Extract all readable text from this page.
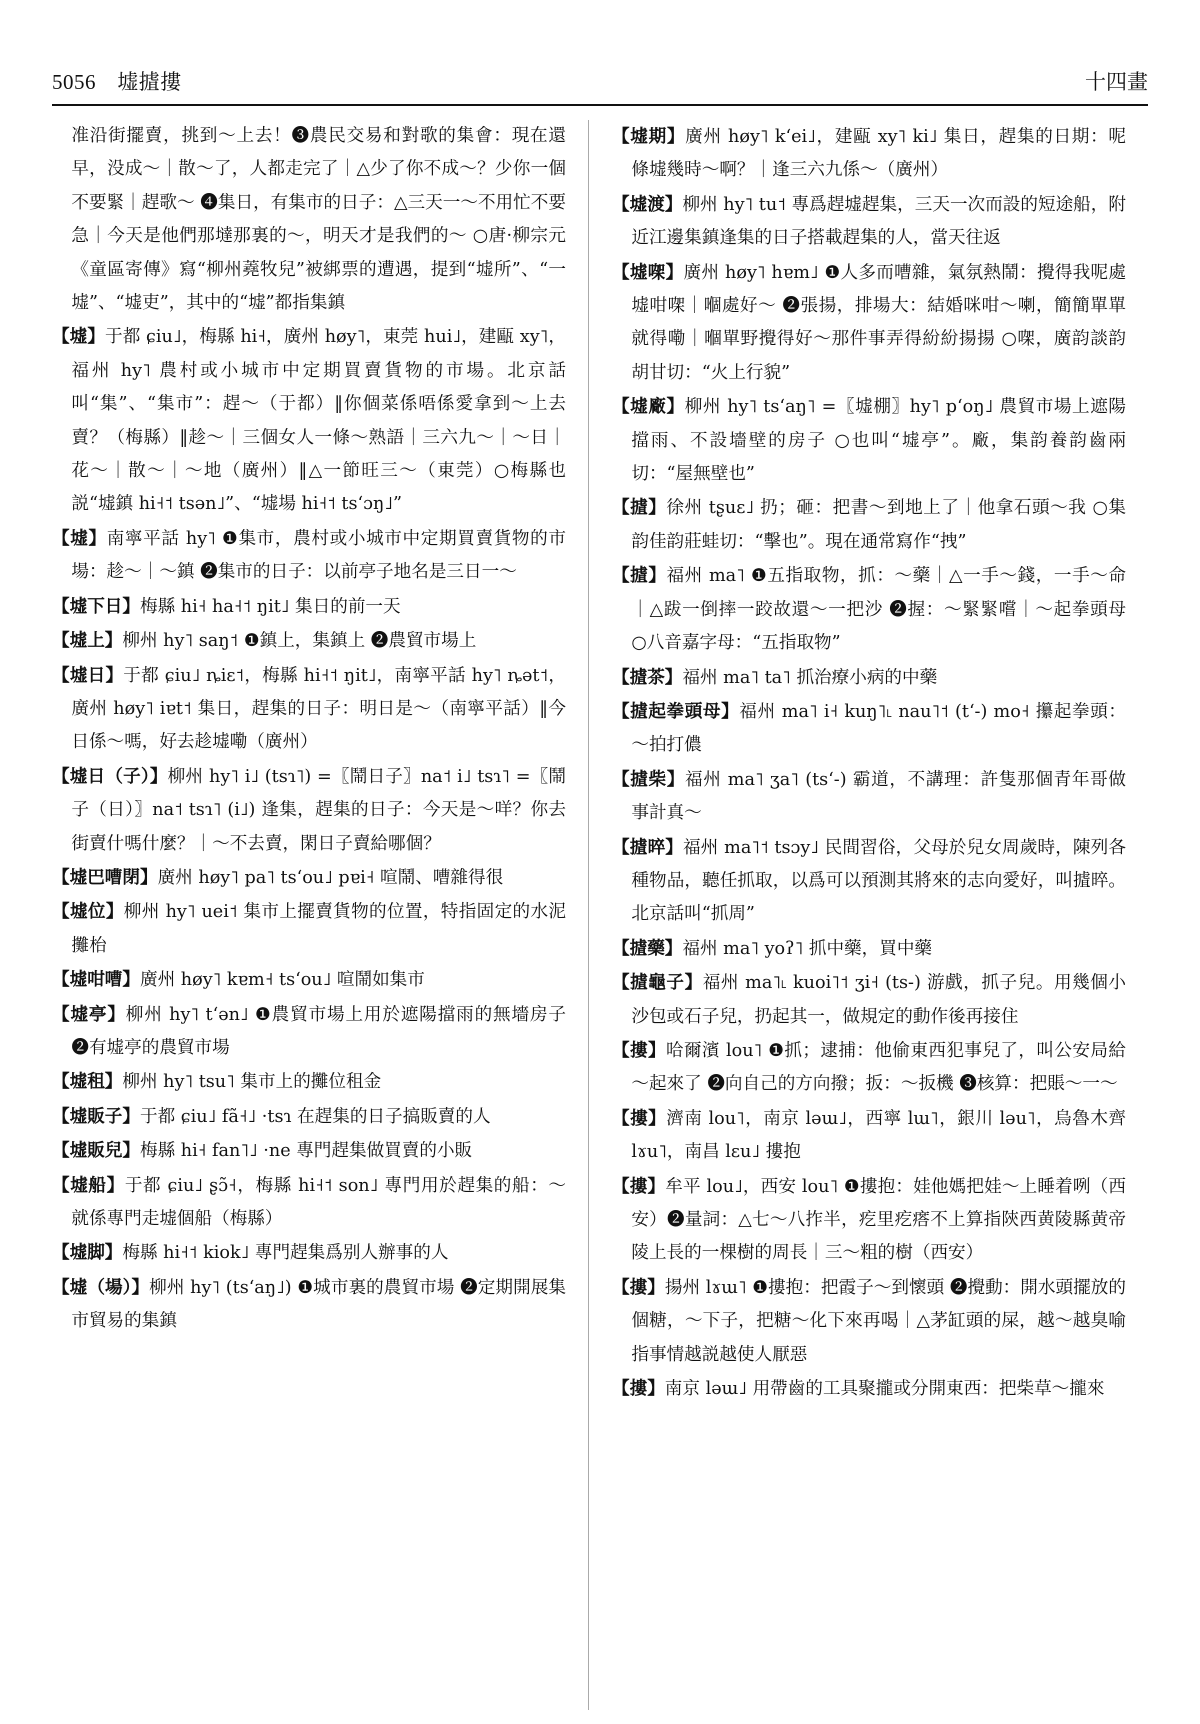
5056 墟摣摟	十四畫

准沿街擺賣，挑到～上去！❸農民交易和對歌的集會：現在還早，没成～｜散～了，人都走完了｜△少了你不成～？少你一個不要緊｜趕歌～ ❹集日，有集市的日子：△三天一～不用忙不要急｜今天是他們那墶那裏的～，明天才是我們的～ ○唐·柳宗元《童區寄傳》寫“柳州蕘牧兒”被綁票的遭遇，提到“墟所”、“一墟”、“墟吏”，其中的“墟”都指集鎮

【墟】于都 ɕiu˩，梅縣 hi˧，廣州 høy˥，東莞 hui˩，建甌 xy˥，福州 hy˥ 農村或小城市中定期買賣貨物的市場。北京話叫“集”、“集市”：趕～（于都）‖你個菜係唔係愛拿到～上去賣？（梅縣）‖趁～｜三個女人一條～熟語｜三六九～｜～日｜花～｜散～｜～地（廣州）‖△一節旺三～（東莞）○梅縣也説“墟鎮 hi˧˦ tsən˩”、“墟場 hi˧˦ tsʻɔŋ˩”

【墟】南寧平話 hy˥ ❶集市，農村或小城市中定期買賣貨物的市場：趁～｜～鎮 ❷集市的日子：以前亭子地名是三日一～

【墟下日】梅縣 hi˧ ha˧˦ ŋit˩ 集日的前一天

【墟上】柳州 hy˥ saŋ˦ ❶鎮上，集鎮上 ❷農貿市場上

【墟日】于都 ɕiu˩ ȵiɛ˦，梅縣 hi˧˦ ŋit˩，南寧平話 hy˥ ȵət˦，廣州 høy˥ iɐt˦ 集日，趕集的日子：明日是～（南寧平話）‖今日係～嗎，好去趁墟嘞（廣州）

【墟日（子）】柳州 hy˥ i˩ (tsɿ˥) =〖鬧日子〗na˦ i˩ tsɿ˥ =〖鬧子（日）〗na˦ tsɿ˥ (i˩) 逢集，趕集的日子：今天是～咩？你去街賣什嗎什麼？｜～不去賣，閑日子賣給哪個？

【墟巴嘈閉】廣州 høy˥ pa˥ tsʻou˩ pɐi˧ 喧鬧、嘈雜得很

【墟位】柳州 hy˥ uei˦ 集市上擺賣貨物的位置，特指固定的水泥攤枱

【墟咁嘈】廣州 høy˥ kɐm˧ tsʻou˩ 喧鬧如集市

【墟亭】柳州 hy˥ tʻən˩ ❶農貿市場上用於遮陽擋雨的無墻房子 ❷有墟亭的農貿市場

【墟租】柳州 hy˥ tsu˥ 集市上的攤位租金

【墟販子】于都 ɕiu˩ fã˧˩ ·tsɿ 在趕集的日子搞販賣的人

【墟販兒】梅縣 hi˧ fan˥˩ ·ne 專門趕集做買賣的小販

【墟船】于都 ɕiu˩ ʂɔ̃˧，梅縣 hi˧˦ son˩ 專門用於趕集的船：～就係專門走墟個船（梅縣）

【墟脚】梅縣 hi˧˦ kiok˩ 專門趕集爲别人辦事的人

【墟（場）】柳州 hy˥ (tsʻaŋ˩) ❶城市裏的農貿市場 ❷定期開展集市貿易的集鎮

【墟期】廣州 høy˥ kʻei˩，建甌 xy˥ ki˩ 集日，趕集的日期：呢條墟幾時～啊？｜逢三六九係～（廣州）

【墟渡】柳州 hy˥ tu˦ 專爲趕墟趕集，三天一次而設的短途船，附近江邊集鎮逢集的日子搭載趕集的人，當天往返

【墟㗎】廣州 høy˥ hɐm˩ ❶人多而嘈雜，氣氛熱鬧：攪得我呢處墟咁㗎｜嗰處好～ ❷張揚，排場大：結婚咪咁～喇，簡簡單單就得嘞｜嗰單野攪得好～那件事弄得紛紛揚揚 ○㗎，廣韵談韵胡甘切：“火上行貌”

【墟廠】柳州 hy˥ tsʻaŋ˥ =〖墟棚〗hy˥ pʻoŋ˩ 農貿市場上遮陽擋雨、不設墻壁的房子 ○也叫“墟亭”。廠，集韵養韵齒兩切：“屋無壁也”

【摣】徐州 tʂuɛ˩ 扔；砸：把書～到地上了｜他拿石頭～我 ○集韵佳韵莊蛙切：“擊也”。現在通常寫作“拽”

【摣】福州 ma˥ ❶五指取物，抓：～藥｜△一手～錢，一手～命｜△跋一倒摔一跤故還～一把沙 ❷握：～緊緊嚐｜～起拳頭母 ○八音嘉字母：“五指取物”

【摣茶】福州 ma˥ ta˥ 抓治療小病的中藥

【摣起拳頭母】福州 ma˥ i˧ kuŋ˥˪ nau˥˦ (tʻ-) mo˧ 攥起拳頭：～拍打儂

【摣柴】福州 ma˥ ʒa˥ (tsʻ-) 霸道，不講理：許隻那個青年哥做事計真～

【摣晬】福州 ma˥˦ tsɔy˩ 民間習俗，父母於兒女周歲時，陳列各種物品，聽任抓取，以爲可以預測其將來的志向愛好，叫摣晬。北京話叫“抓周”

【摣藥】福州 ma˥ yoʔ˥ 抓中藥，買中藥

【摣龜子】福州 ma˥˪ kuoi˥˦ ʒi˧ (ts-) 游戲，抓子兒。用幾個小沙包或石子兒，扔起其一，做規定的動作後再接住

【摟】哈爾濱 lou˥ ❶抓；逮捕：他偷東西犯事兒了，叫公安局給～起來了 ❷向自己的方向撥；扳：～扳機 ❸核算：把賬～一～

【摟】濟南 lou˥，南京 ləɯ˩，西寧 lɯ˥，銀川 ləu˥，烏魯木齊 lɤu˥，南昌 lɛu˩ 摟抱

【摟】牟平 lou˩，西安 lou˥ ❶摟抱：娃他媽把娃～上睡着咧（西安）❷量詞：△七～八拃半，疙里疙瘩不上算指陝西黄陵縣黄帝陵上長的一棵樹的周長｜三～粗的樹（西安）

【摟】揚州 lɤɯ˥ ❶摟抱：把霞子～到懷頭 ❷攪動：開水頭擺放的個糖，～下子，把糖～化下來再喝｜△茅缸頭的屎，越～越臭喻指事情越説越使人厭惡

【摟】南京 ləɯ˩ 用帶齒的工具聚攏或分開東西：把柴草～攏來
